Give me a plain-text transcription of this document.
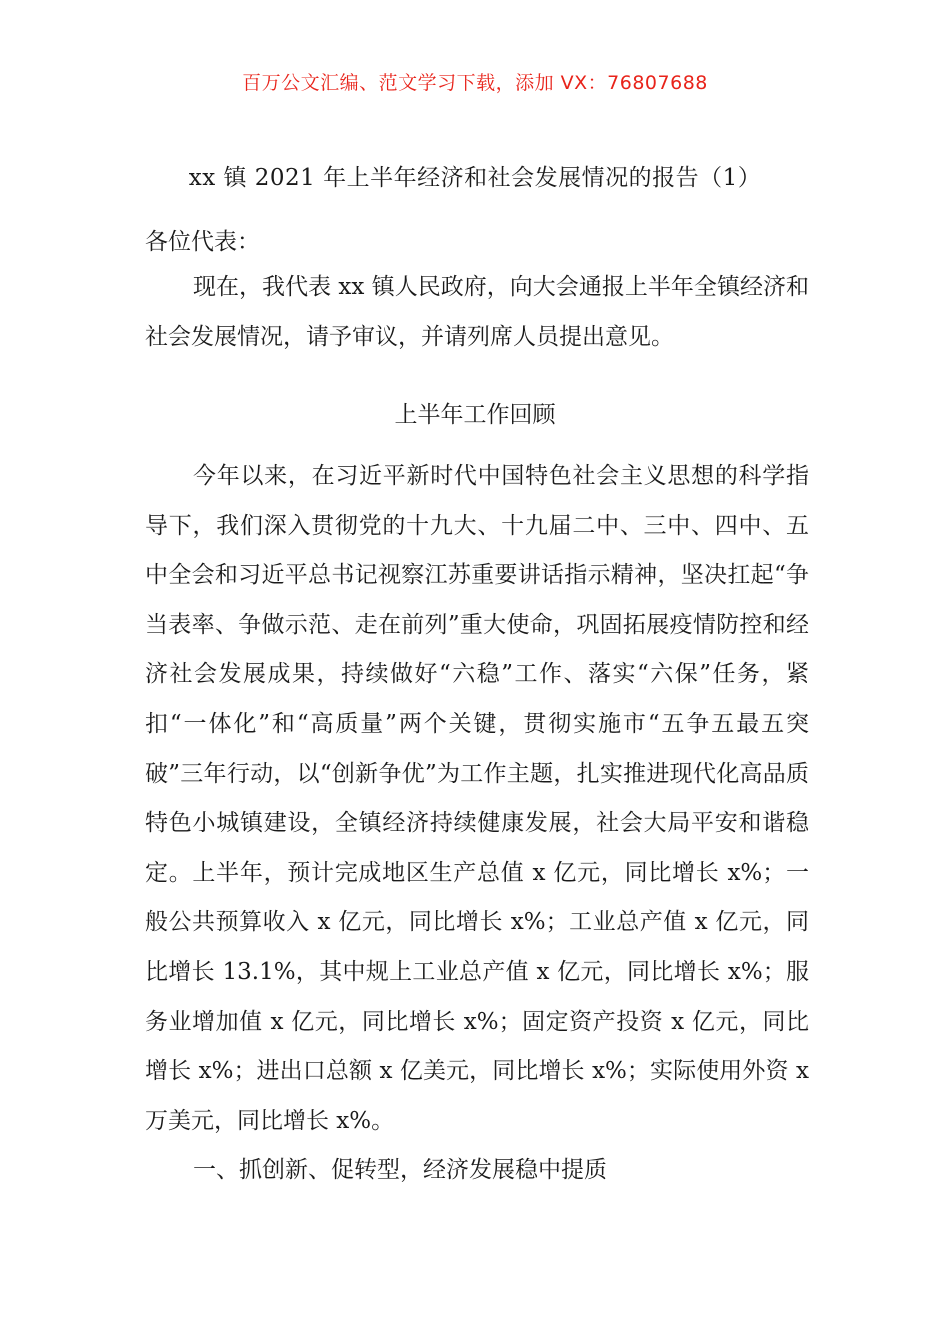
百万公文汇编、范文学习下载，添加 VX：76807688
xx 镇 2021 年上半年经济和社会发展情况的报告（1）
各位代表：

现在，我代表 xx 镇人民政府，向大会通报上半年全镇经济和社会发展情况，请予审议，并请列席人员提出意见。

上半年工作回顾

今年以来，在习近平新时代中国特色社会主义思想的科学指导下，我们深入贯彻党的十九大、十九届二中、三中、四中、五中全会和习近平总书记视察江苏重要讲话指示精神，坚决扛起“争当表率、争做示范、走在前列”重大使命，巩固拓展疫情防控和经济社会发展成果，持续做好“六稳”工作、落实“六保”任务，紧扣“一体化”和“高质量”两个关键，贯彻实施市“五争五最五突破”三年行动，以“创新争优”为工作主题，扎实推进现代化高品质特色小城镇建设，全镇经济持续健康发展，社会大局平安和谐稳定。上半年，预计完成地区生产总值 x 亿元，同比增长 x%；一般公共预算收入 x 亿元，同比增长 x%；工业总产值 x 亿元，同比增长 13.1%，其中规上工业总产值 x 亿元，同比增长 x%；服务业增加值 x 亿元，同比增长 x%；固定资产投资 x 亿元，同比增长 x%；进出口总额 x 亿美元，同比增长 x%；实际使用外资 x 万美元，同比增长 x%。

一、抓创新、促转型，经济发展稳中提质
